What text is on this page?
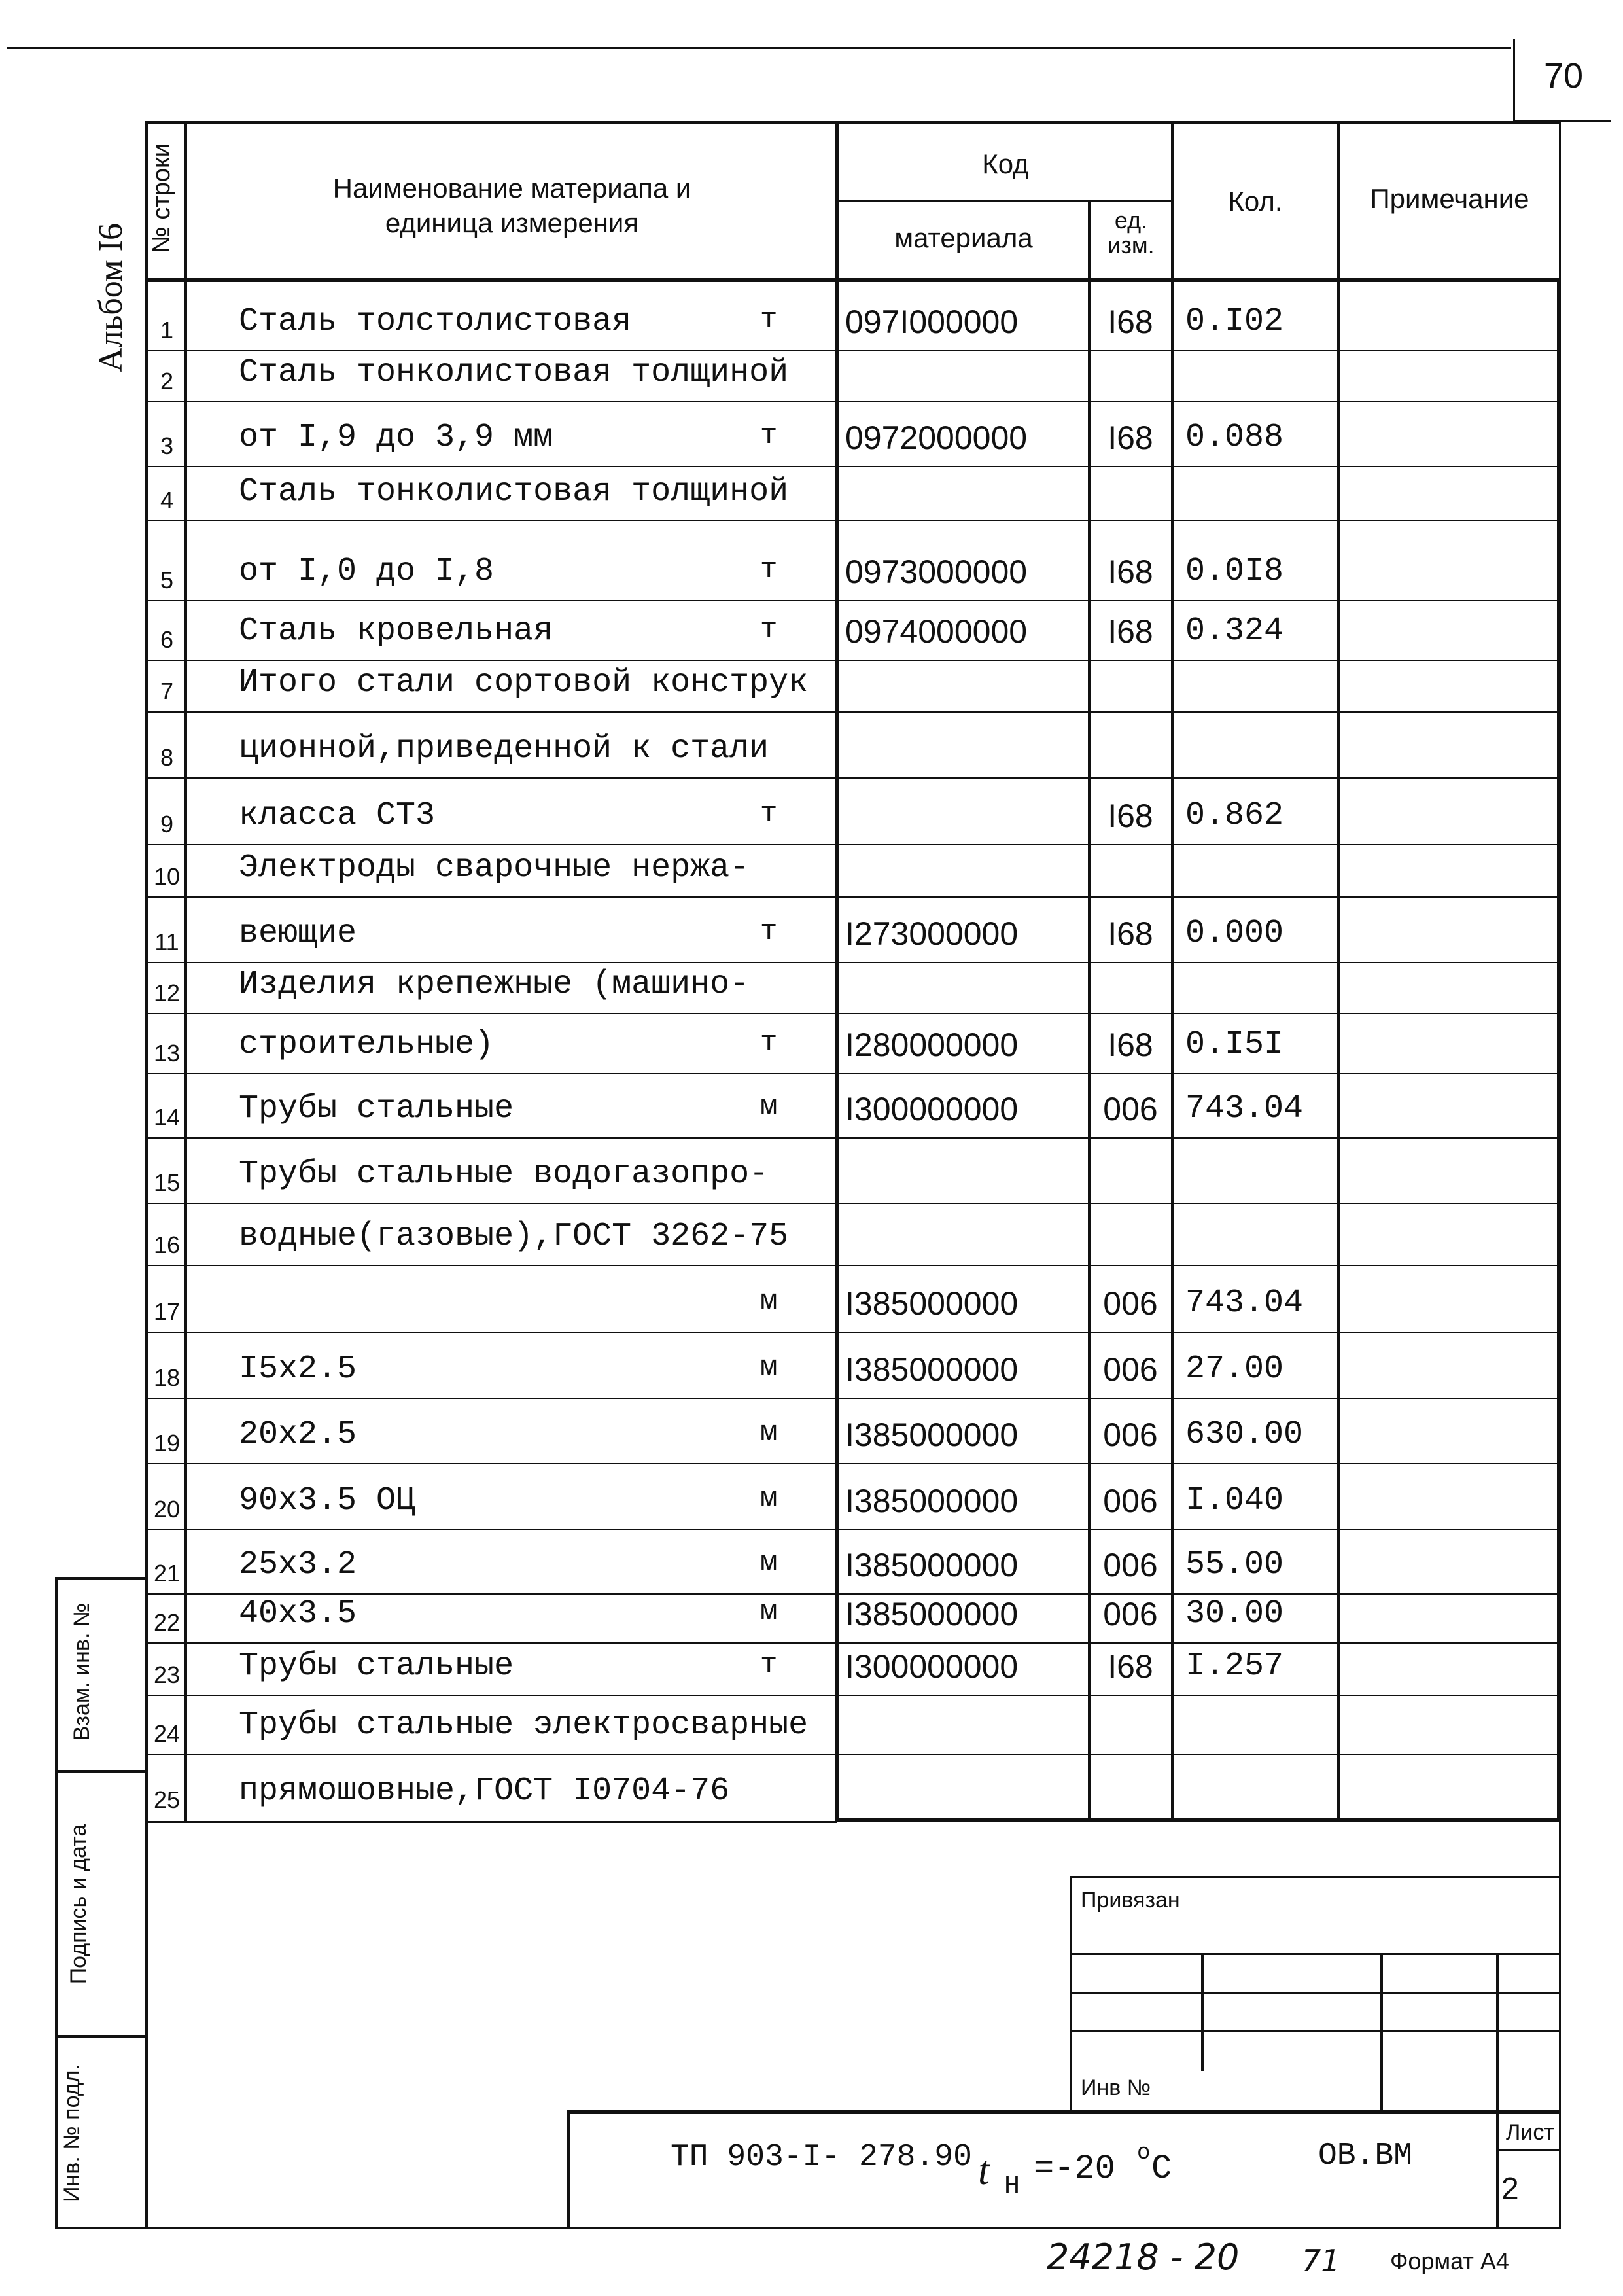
70
Альбом I6
№ строки	Наименование материапа и
единица измерения
Код
материала
ед.
изм.
Кол.	Примечание
1 Сталь толстолистовая	т 097I000000	I68 0.I02
2 Сталь тонколистовая толщиной
3 от I,9 до 3,9 мм	т 0972000000	I68 0.088
4 Сталь тонколистовая толщиной
5 от I,0 до I,8	т 0973000000	I68 0.0I8
6 Сталь кровельная	т 0974000000	I68 0.324
7 Итого стали сортовой конструк
8 ционной,приведенной к стали
9 класса СТ3	т	I68 0.862
10 Электроды сварочные нержа-
11 веющие	т I273000000	I68 0.000
12 Изделия крепежные (машино-
13 строительные)	т I280000000	I68 0.I5I
14 Трубы стальные	м I300000000	006 743.04
15 Трубы стальные водогазопро-
16 водные(газовые),ГОСТ 3262-75
17	м I385000000	006 743.04
18 I5x2.5	м I385000000	006 27.00
19 20x2.5	м I385000000	006 630.00
20 90x3.5 ОЦ	м I385000000	006 I.040
21 25x3.2	м I385000000	006 55.00
22 40x3.5	м I385000000	006 30.00
23 Трубы стальные	т I300000000	I68 I.257
24 Трубы стальные электросварные
25 прямошовные,ГОСТ I0704-76
Взам. инв. №
Подпись и дата
Инв. № подл.
Привязан
Инв №
ТП 903-I- 278.90 t H =-20 o C	ОВ.ВМ
Лист
2
24218 - 20 71 Формат А4
